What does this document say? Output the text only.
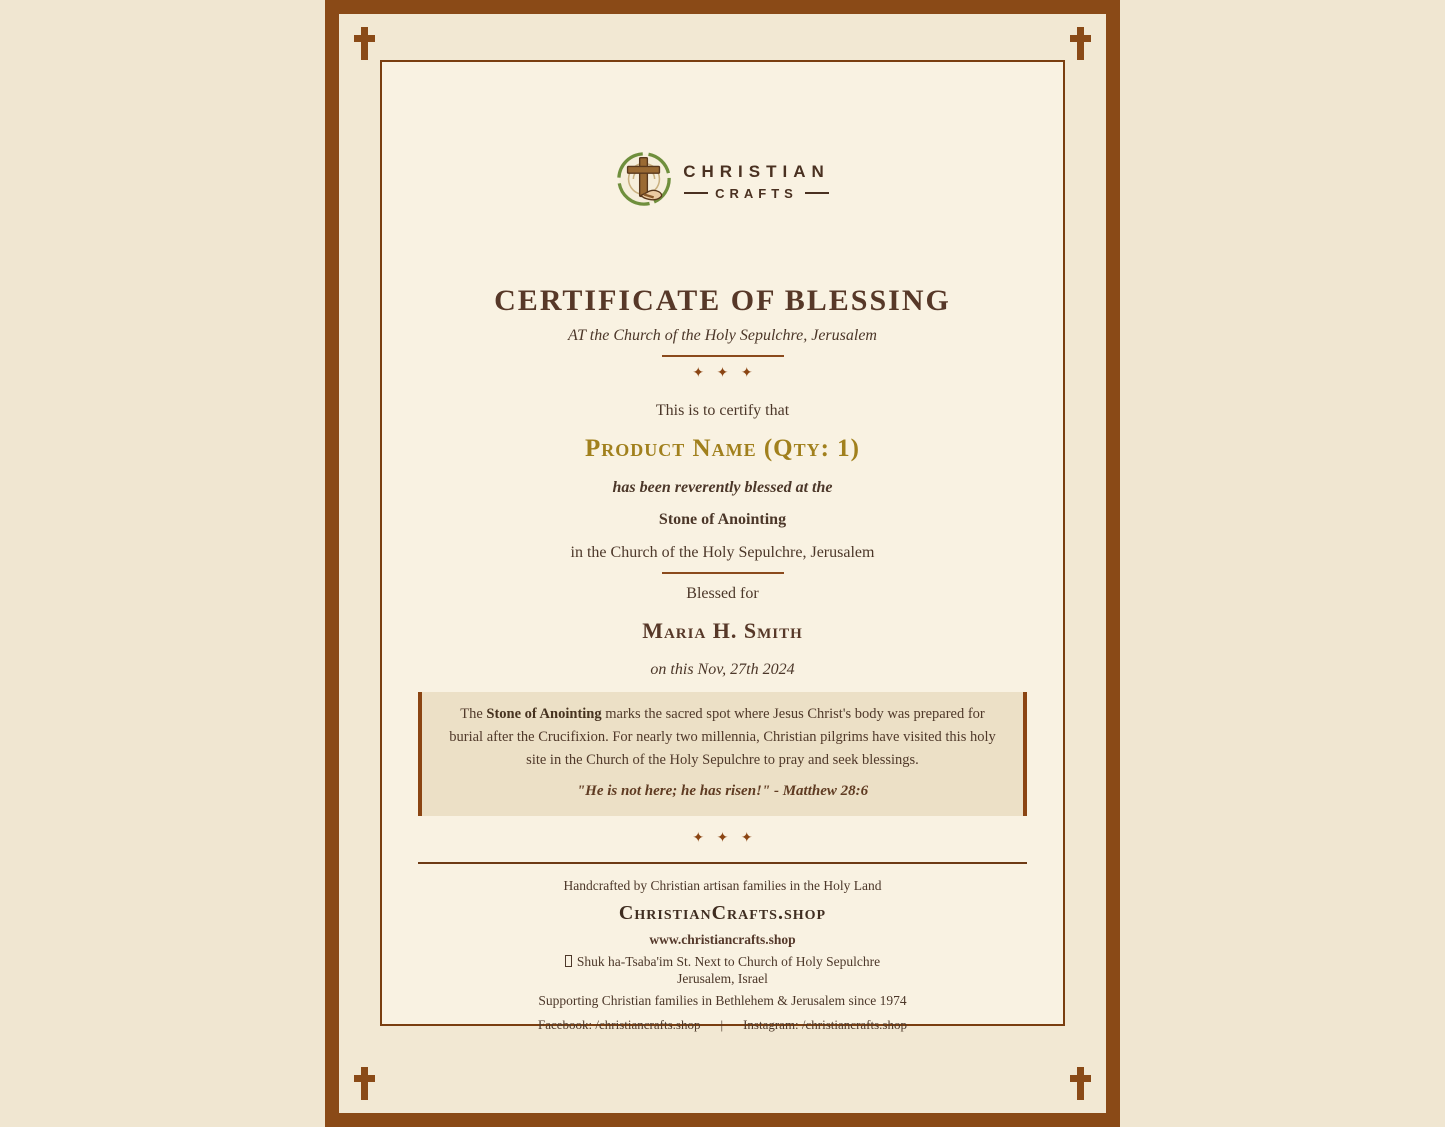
CHRISTIAN
CRAFTS
CERTIFICATE OF BLESSING
AT the Church of the Holy Sepulchre, Jerusalem
✦ ✦ ✦

This is to certify that

Product Name (Qty: 1)

has been reverently blessed at the

Stone of Anointing

in the Church of the Holy Sepulchre, Jerusalem

Blessed for

Maria H. Smith

on this Nov, 27th 2024

The Stone of Anointing marks the sacred spot where Jesus Christ's body was prepared for burial after the Crucifixion. For nearly two millennia, Christian pilgrims have visited this holy site in the Church of the Holy Sepulchre to pray and seek blessings.

"He is not here; he has risen!" - Matthew 28:6

✦ ✦ ✦

Handcrafted by Christian artisan families in the Holy Land

ChristianCrafts.shop

www.christiancrafts.shop

Shuk ha-Tsaba'im St. Next to Church of Holy Sepulchre

Jerusalem, Israel

Supporting Christian families in Bethlehem & Jerusalem since 1974

Facebook: /christiancrafts.shop | Instagram: /christiancrafts.shop
